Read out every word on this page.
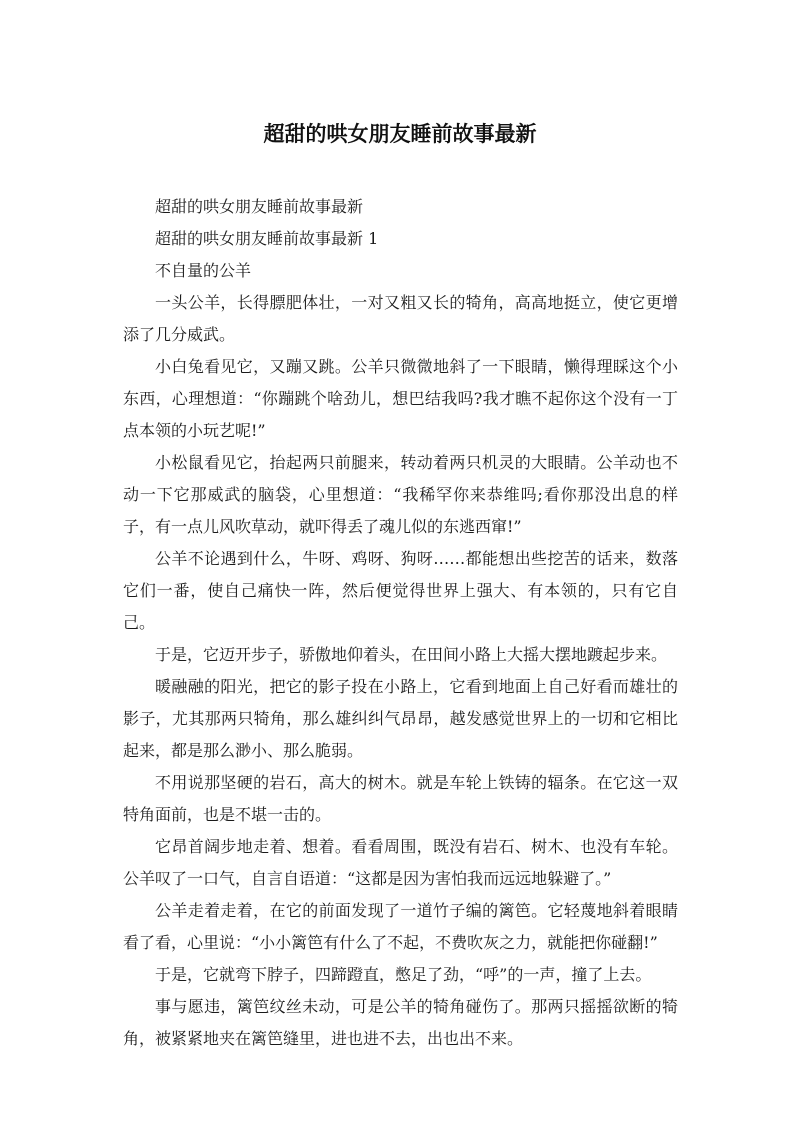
超甜的哄女朋友睡前故事最新

超甜的哄女朋友睡前故事最新

超甜的哄女朋友睡前故事最新 1

不自量的公羊

一头公羊，长得膘肥体壮，一对又粗又长的犄角，高高地挺立，使它更增添了几分威武。

小白兔看见它，又蹦又跳。公羊只微微地斜了一下眼睛，懒得理睬这个小东西，心理想道：“你蹦跳个啥劲儿，想巴结我吗?我才瞧不起你这个没有一丁点本领的小玩艺呢!”

小松鼠看见它，抬起两只前腿来，转动着两只机灵的大眼睛。公羊动也不动一下它那威武的脑袋，心里想道：“我稀罕你来恭维吗;看你那没出息的样子，有一点儿风吹草动，就吓得丢了魂儿似的东逃西窜!”

公羊不论遇到什么，牛呀、鸡呀、狗呀……都能想出些挖苦的话来，数落它们一番，使自己痛快一阵，然后便觉得世界上强大、有本领的，只有它自己。

于是，它迈开步子，骄傲地仰着头，在田间小路上大摇大摆地踱起步来。

暖融融的阳光，把它的影子投在小路上，它看到地面上自己好看而雄壮的影子，尤其那两只犄角，那么雄纠纠气昂昂，越发感觉世界上的一切和它相比起来，都是那么渺小、那么脆弱。

不用说那坚硬的岩石，高大的树木。就是车轮上铁铸的辐条。在它这一双特角面前，也是不堪一击的。

它昂首阔步地走着、想着。看看周围，既没有岩石、树木、也没有车轮。公羊叹了一口气，自言自语道：“这都是因为害怕我而远远地躲避了。”

公羊走着走着，在它的前面发现了一道竹子编的篱笆。它轻蔑地斜着眼睛看了看，心里说：“小小篱笆有什么了不起，不费吹灰之力，就能把你碰翻!”

于是，它就弯下脖子，四蹄蹬直，憋足了劲，“呼”的一声，撞了上去。

事与愿违，篱笆纹丝未动，可是公羊的犄角碰伤了。那两只摇摇欲断的犄角，被紧紧地夹在篱笆缝里，进也进不去，出也出不来。
